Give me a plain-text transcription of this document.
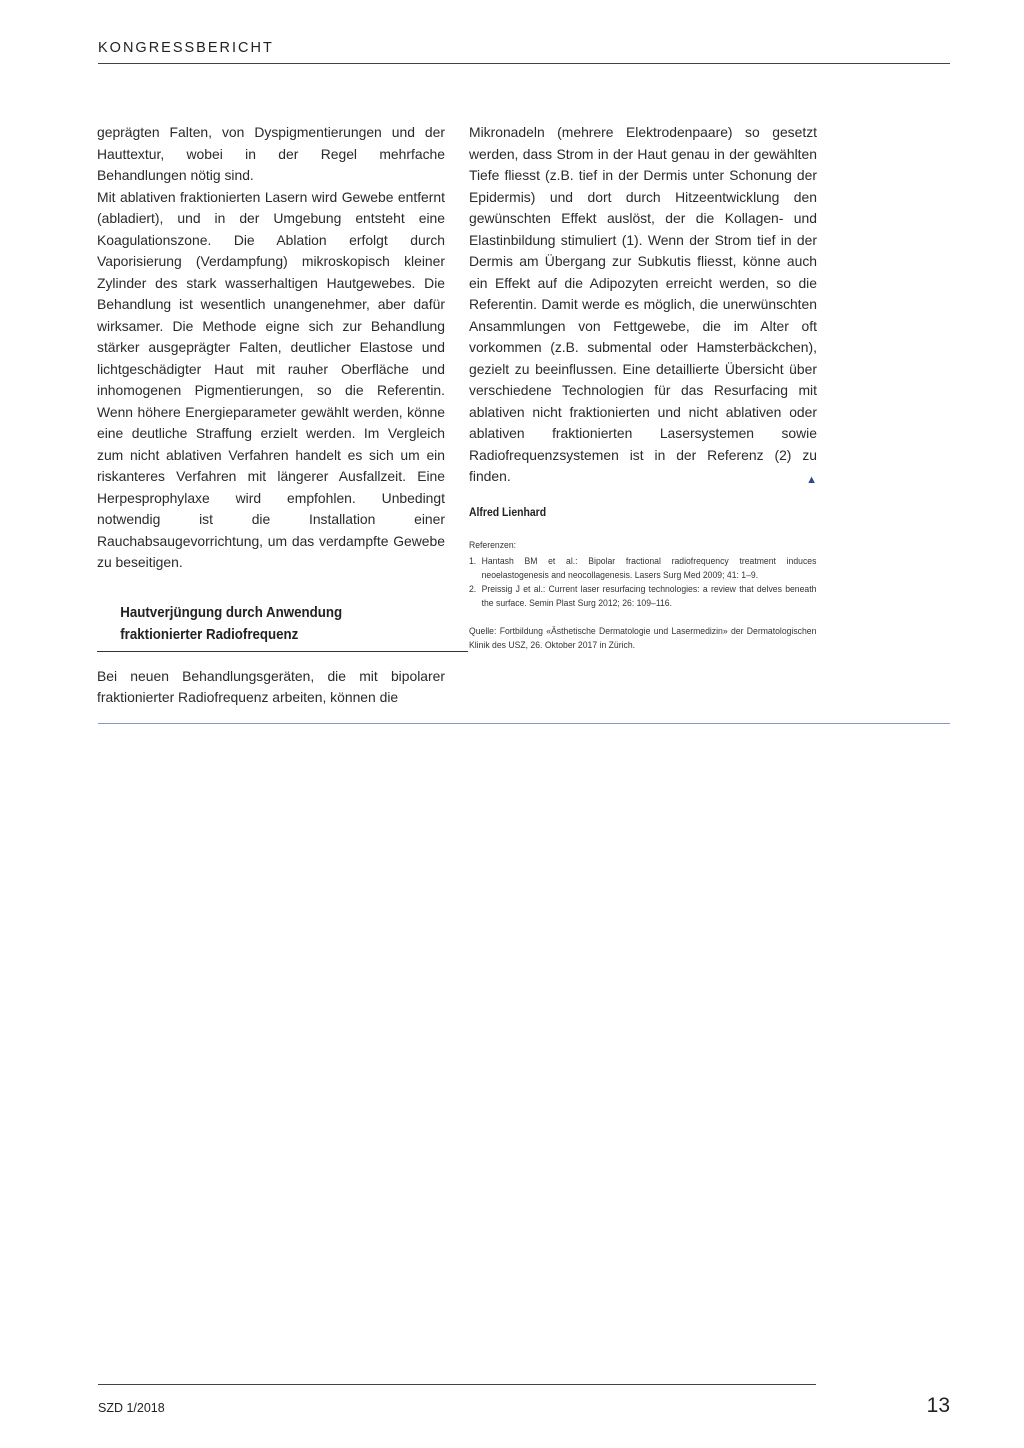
KONGRESSBERICHT

geprägten Falten, von Dyspigmentierungen und der Hauttextur, wobei in der Regel mehrfache Behandlungen nötig sind.

Mit ablativen fraktionierten Lasern wird Gewebe entfernt (abladiert), und in der Umgebung entsteht eine Koagulationszone. Die Ablation erfolgt durch Vaporisierung (Verdampfung) mikroskopisch kleiner Zylinder des stark wasserhaltigen Hautgewebes. Die Behandlung ist wesentlich unangenehmer, aber dafür wirksamer. Die Methode eigne sich zur Behandlung stärker ausgeprägter Falten, deutlicher Elastose und lichtgeschädigter Haut mit rauher Oberfläche und inhomogenen Pigmentierungen, so die Referentin. Wenn höhere Energieparameter gewählt werden, könne eine deutliche Straffung erzielt werden. Im Vergleich zum nicht ablativen Verfahren handelt es sich um ein riskanteres Verfahren mit längerer Ausfallzeit. Eine Herpesprophylaxe wird empfohlen. Unbedingt notwendig ist die Installation einer Rauchabsaugevorrichtung, um das verdampfte Gewebe zu beseitigen.

Hautverjüngung durch Anwendung
fraktionierter Radiofrequenz

Bei neuen Behandlungsgeräten, die mit bipolarer fraktionierter Radiofrequenz arbeiten, können die

Mikronadeln (mehrere Elektrodenpaare) so gesetzt werden, dass Strom in der Haut genau in der gewählten Tiefe fliesst (z.B. tief in der Dermis unter Schonung der Epidermis) und dort durch Hitzeentwicklung den gewünschten Effekt auslöst, der die Kollagen- und Elastinbildung stimuliert (1). Wenn der Strom tief in der Dermis am Übergang zur Subkutis fliesst, könne auch ein Effekt auf die Adipozyten erreicht werden, so die Referentin. Damit werde es möglich, die unerwünschten Ansammlungen von Fettgewebe, die im Alter oft vorkommen (z.B. submental oder Hamsterbäckchen), gezielt zu beeinflussen. Eine detaillierte Übersicht über verschiedene Technologien für das Resurfacing mit ablativen nicht fraktionierten und nicht ablativen oder ablativen fraktionierten Lasersystemen sowie Radiofrequenzsystemen ist in der Referenz (2) zu finden.	▲

Alfred Lienhard
Referenzen:
1. Hantash BM et al.: Bipolar fractional radiofrequency treatment induces neoelastogenesis and neocollagenesis. Lasers Surg Med 2009; 41: 1–9.
2. Preissig J et al.: Current laser resurfacing technologies: a review that delves beneath the surface. Semin Plast Surg 2012; 26: 109–116.
Quelle: Fortbildung «Ästhetische Dermatologie und Lasermedizin» der Dermatologischen Klinik des USZ, 26. Oktober 2017 in Zürich.
SZD 1/2018	13
